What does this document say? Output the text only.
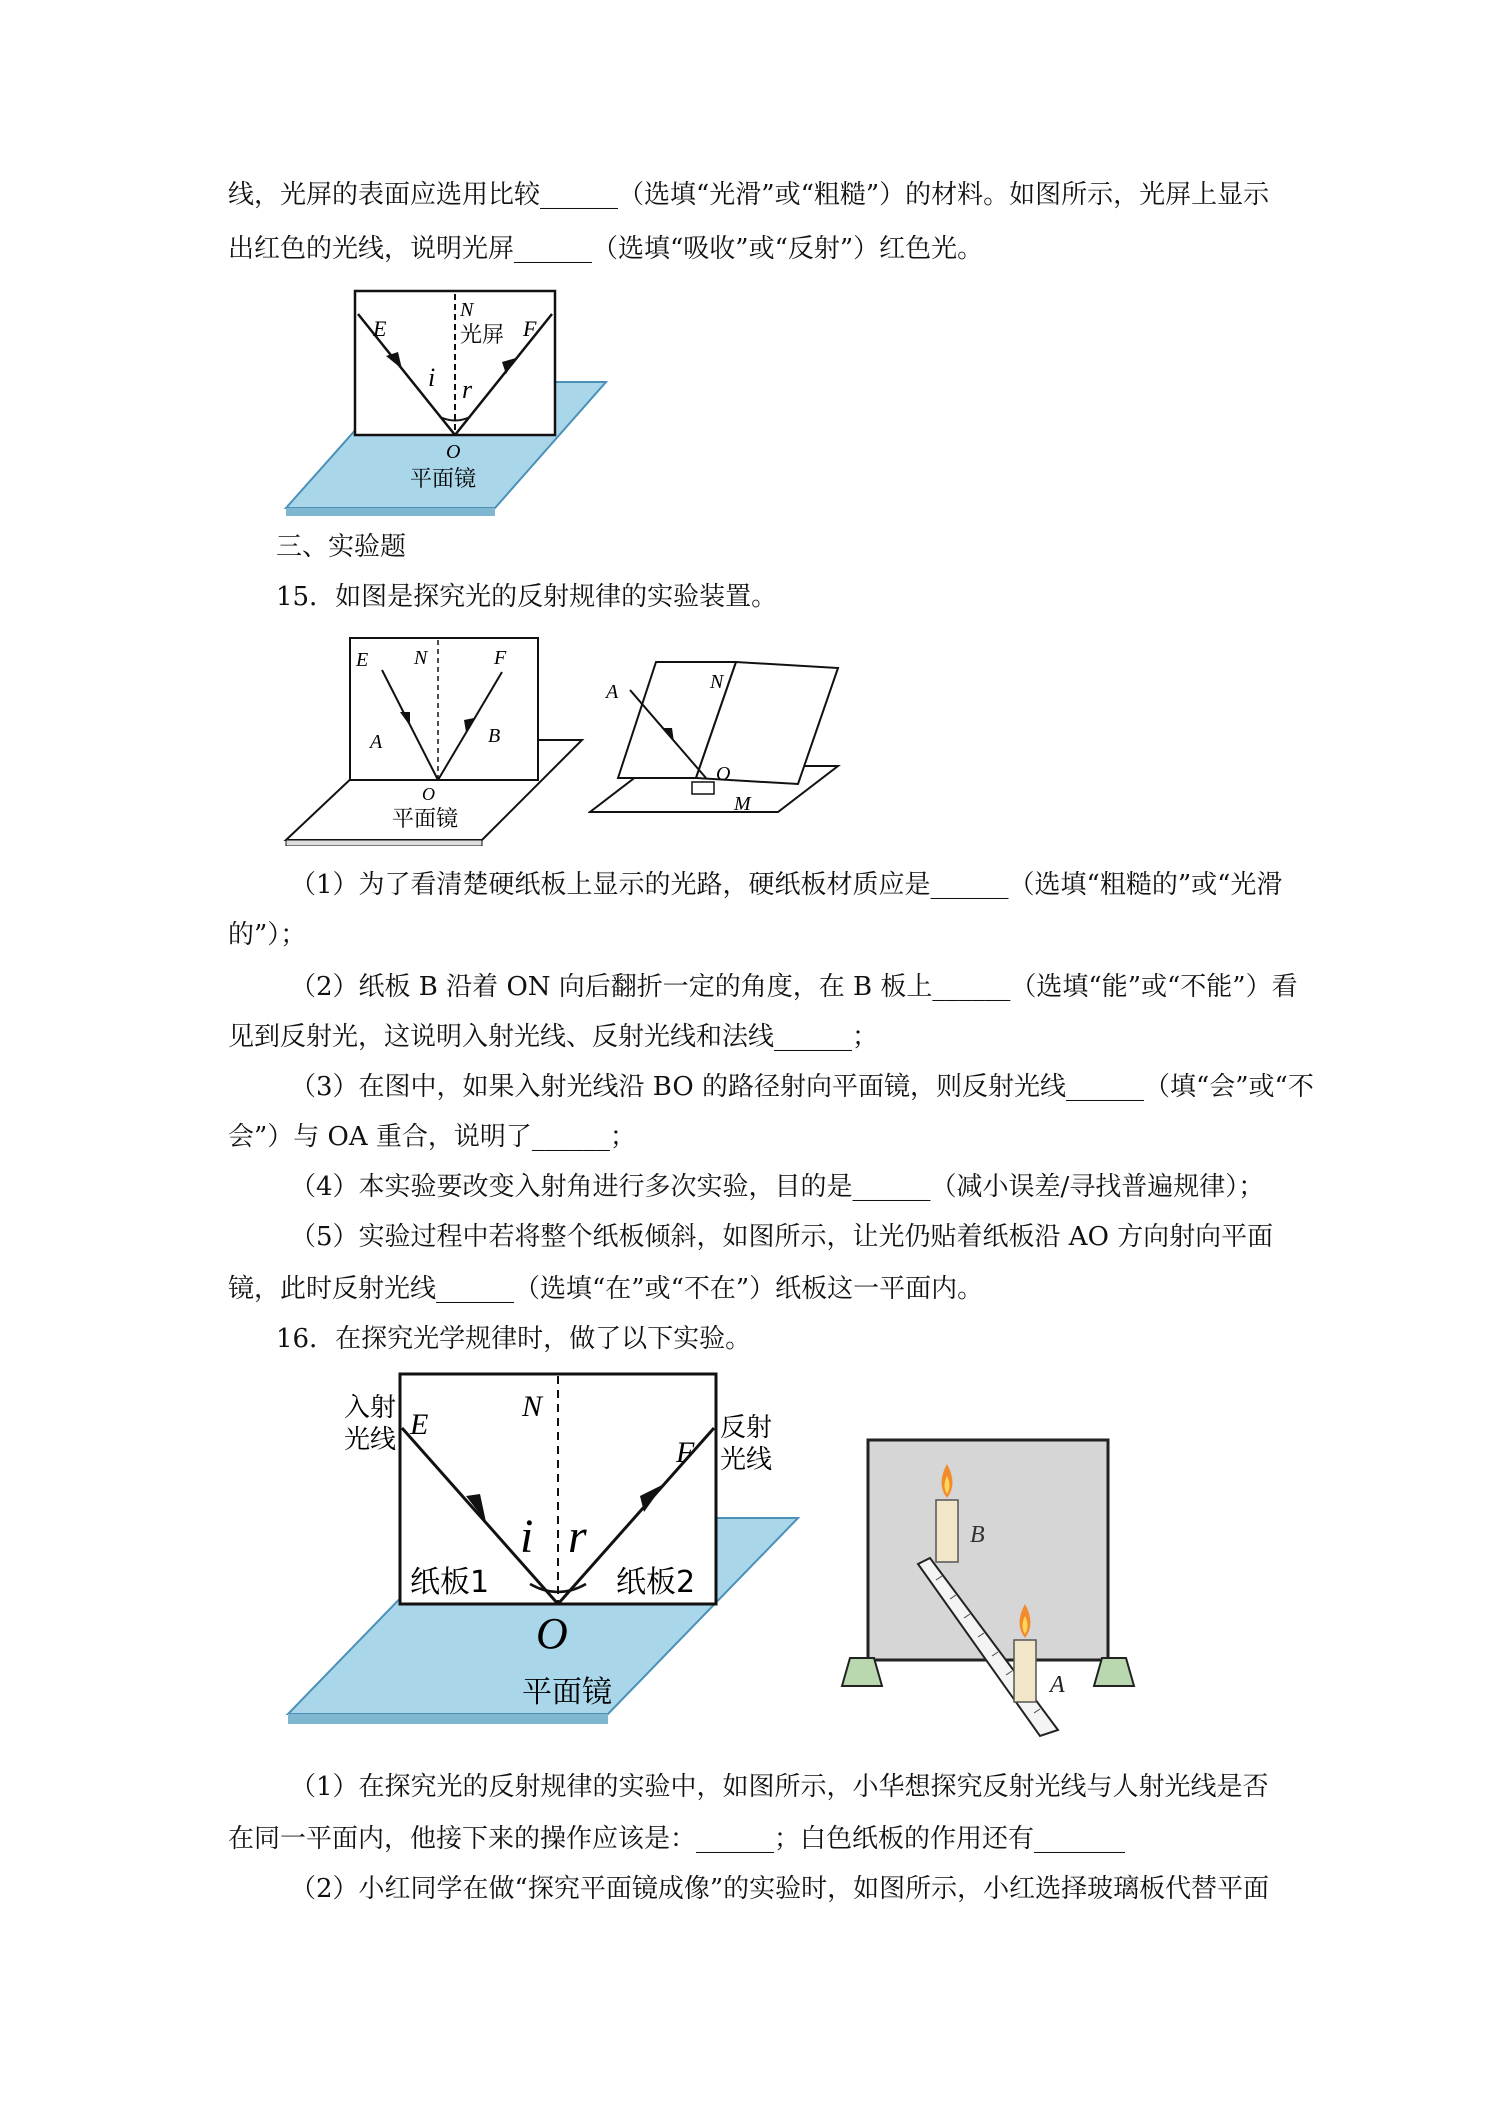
线，光屏的表面应选用比较______（选填“光滑”或“粗糙”）的材料。如图所示，光屏上显示
出红色的光线，说明光屏______（选填“吸收”或“反射”）红色光。
E
N
光屏 F
i r
O
平面镜
三、实验题
15．如图是探究光的反射规律的实验装置。
E N	F
A	B
O
平面镜
A	N
O
M
（1）为了看清楚硬纸板上显示的光路，硬纸板材质应是______（选填“粗糙的”或“光滑
的”）；
（2）纸板 B 沿着 ON 向后翻折一定的角度，在 B 板上______（选填“能”或“不能”）看
见到反射光，这说明入射光线、反射光线和法线______；
（3）在图中，如果入射光线沿 BO 的路径射向平面镜，则反射光线______（填“会”或“不
会”）与 OA 重合，说明了______；
（4）本实验要改变入射角进行多次实验，目的是______（减小误差/寻找普遍规律）；
（5）实验过程中若将整个纸板倾斜，如图所示，让光仍贴着纸板沿 AO 方向射向平面
镜，此时反射光线______（选填“在”或“不在”）纸板这一平面内。
16．在探究光学规律时，做了以下实验。
入射
光线 E
N
F
反射
光线
i r
纸板1	纸板2
O
平面镜
B
A
（1）在探究光的反射规律的实验中，如图所示，小华想探究反射光线与人射光线是否
在同一平面内，他接下来的操作应该是：______；白色纸板的作用还有_______
（2）小红同学在做“探究平面镜成像”的实验时，如图所示，小红选择玻璃板代替平面
